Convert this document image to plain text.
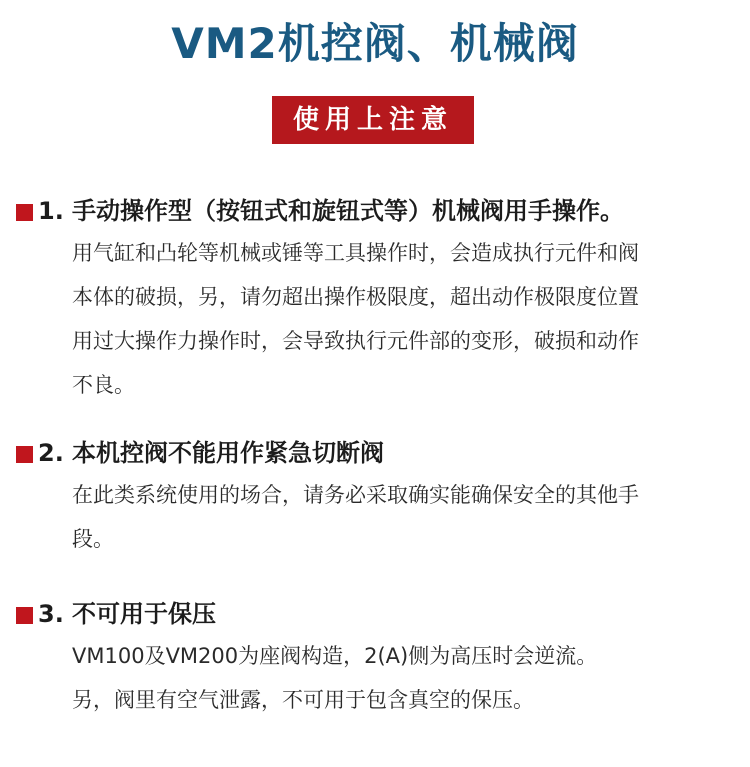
VM2机控阀、机械阀
使用上注意
1. 手动操作型（按钮式和旋钮式等）机械阀用手操作。
用气缸和凸轮等机械或锤等工具操作时，会造成执行元件和阀
本体的破损，另，请勿超出操作极限度，超出动作极限度位置
用过大操作力操作时，会导致执行元件部的变形，破损和动作
不良。
2. 本机控阀不能用作紧急切断阀
在此类系统使用的场合，请务必采取确实能确保安全的其他手
段。
3. 不可用于保压
VM100及VM200为座阀构造，2(A)侧为高压时会逆流。
另，阀里有空气泄露，不可用于包含真空的保压。
